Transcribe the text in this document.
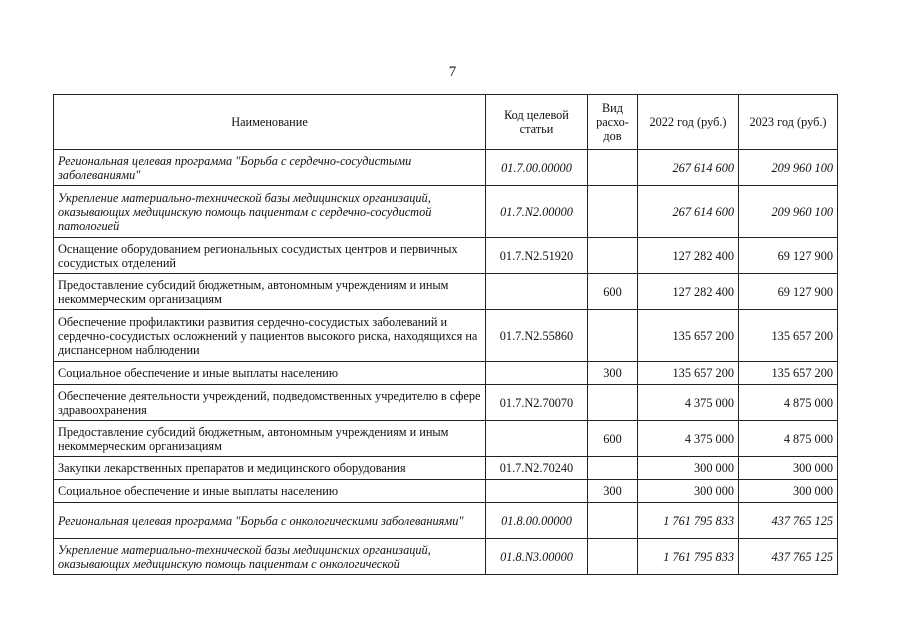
7
Наименование	Код целевой статьи	Вид расхо-дов	2022 год (руб.)	2023 год (руб.)
Региональная целевая программа "Борьба с сердечно-сосудистыми заболеваниями"	01.7.00.00000		267 614 600	209 960 100
Укрепление материально-технической базы медицинских организаций, оказывающих медицинскую помощь пациентам с сердечно-сосудистой патологией	01.7.N2.00000		267 614 600	209 960 100
Оснащение оборудованием региональных сосудистых центров и первичных сосудистых отделений	01.7.N2.51920		127 282 400	69 127 900
Предоставление субсидий бюджетным, автономным учреждениям и иным некоммерческим организациям		600	127 282 400	69 127 900
Обеспечение профилактики развития сердечно-сосудистых заболеваний и сердечно-сосудистых осложнений у пациентов высокого риска, находящихся на диспансерном наблюдении	01.7.N2.55860		135 657 200	135 657 200
Социальное обеспечение и иные выплаты населению		300	135 657 200	135 657 200
Обеспечение деятельности учреждений, подведомственных учредителю в сфере здравоохранения	01.7.N2.70070		4 375 000	4 875 000
Предоставление субсидий бюджетным, автономным учреждениям и иным некоммерческим организациям		600	4 375 000	4 875 000
Закупки лекарственных препаратов и медицинского оборудования	01.7.N2.70240		300 000	300 000
Социальное обеспечение и иные выплаты населению		300	300 000	300 000
Региональная целевая программа "Борьба с онкологическими заболеваниями"	01.8.00.00000		1 761 795 833	437 765 125
Укрепление материально-технической базы медицинских организаций, оказывающих медицинскую помощь пациентам с онкологической	01.8.N3.00000		1 761 795 833	437 765 125
